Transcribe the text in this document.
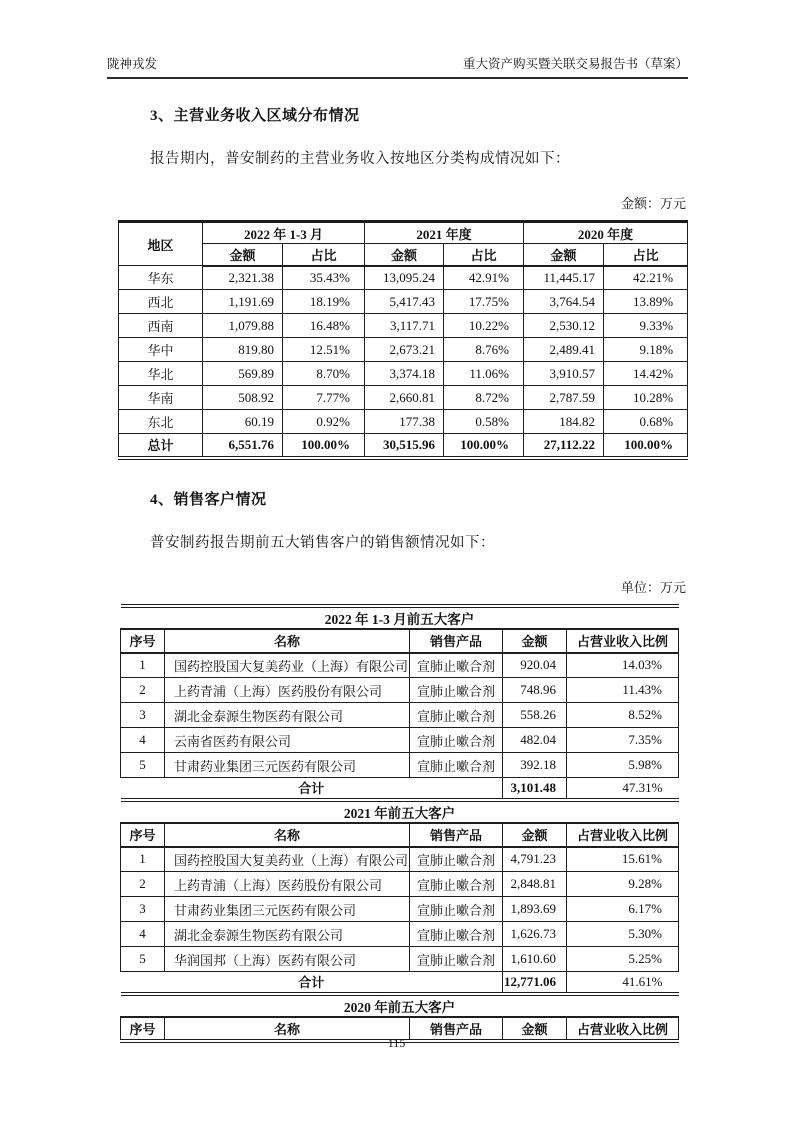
陇神戎发	重大资产购买暨关联交易报告书（草案）
3、主营业务收入区域分布情况

报告期内，普安制药的主营业务收入按地区分类构成情况如下：

金额：万元
地区	2022 年 1-3 月		2021 年度		2020 年度	
	金额	占比	金额	占比	金额	占比
华东	2,321.38	35.43%	13,095.24	42.91%	11,445.17	42.21%
西北	1,191.69	18.19%	5,417.43	17.75%	3,764.54	13.89%
西南	1,079.88	16.48%	3,117.71	10.22%	2,530.12	9.33%
华中	819.80	12.51%	2,673.21	8.76%	2,489.41	9.18%
华北	569.89	8.70%	3,374.18	11.06%	3,910.57	14.42%
华南	508.92	7.77%	2,660.81	8.72%	2,787.59	10.28%
东北	60.19	0.92%	177.38	0.58%	184.82	0.68%
总计	6,551.76	100.00%	30,515.96	100.00%	27,112.22	100.00%
4、销售客户情况

普安制药报告期前五大销售客户的销售额情况如下：

单位：万元
2022 年 1-3 月前五大客户				
序号	名称	销售产品	金额	占营业收入比例
1	国药控股国大复美药业（上海）有限公司	宣肺止嗽合剂	920.04	14.03%
2	上药青浦（上海）医药股份有限公司	宣肺止嗽合剂	748.96	11.43%
3	湖北金泰源生物医药有限公司	宣肺止嗽合剂	558.26	8.52%
4	云南省医药有限公司	宣肺止嗽合剂	482.04	7.35%
5	甘肃药业集团三元医药有限公司	宣肺止嗽合剂	392.18	5.98%
合计			3,101.48	47.31%
2021 年前五大客户				
序号	名称	销售产品	金额	占营业收入比例
1	国药控股国大复美药业（上海）有限公司	宣肺止嗽合剂	4,791.23	15.61%
2	上药青浦（上海）医药股份有限公司	宣肺止嗽合剂	2,848.81	9.28%
3	甘肃药业集团三元医药有限公司	宣肺止嗽合剂	1,893.69	6.17%
4	湖北金泰源生物医药有限公司	宣肺止嗽合剂	1,626.73	5.30%
5	华润国邦（上海）医药有限公司	宣肺止嗽合剂	1,610.60	5.25%
合计			12,771.06	41.61%
2020 年前五大客户				
序号	名称	销售产品	金额	占营业收入比例
115
